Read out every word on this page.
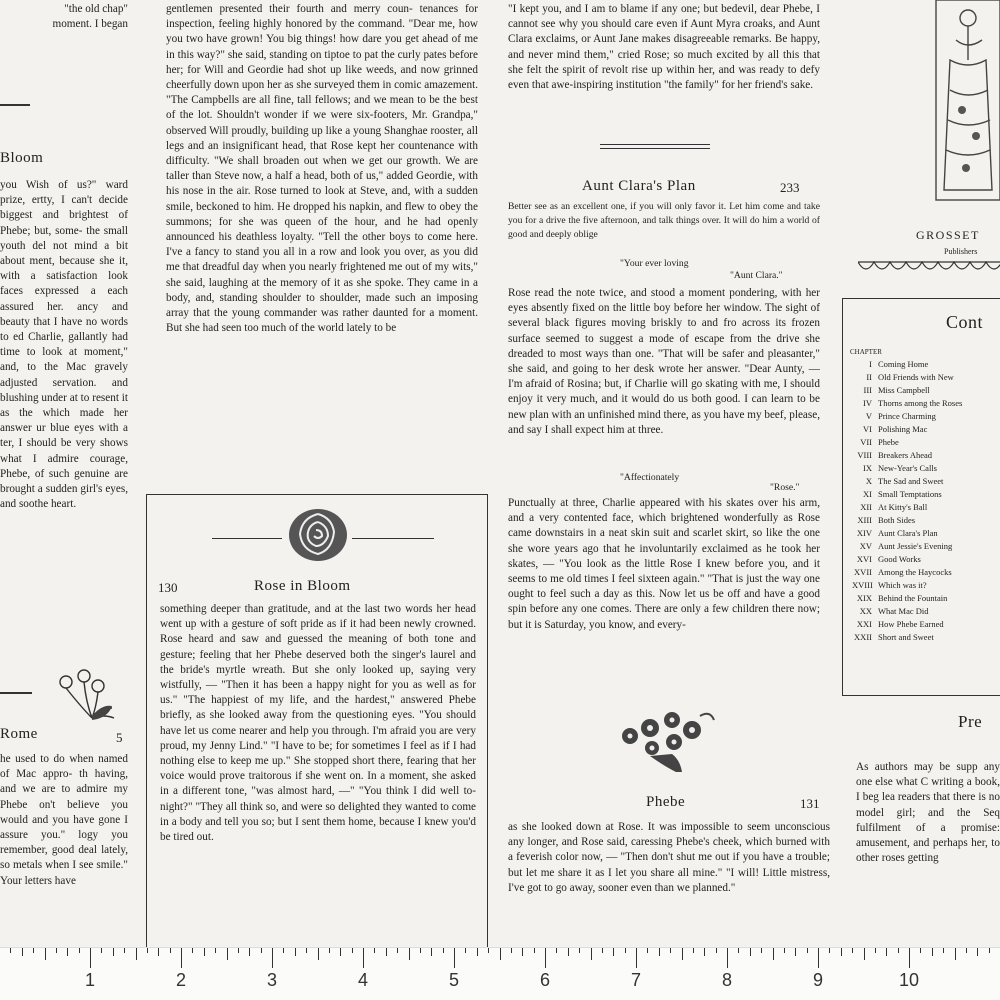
"the old chap"
moment. I began
Bloom

you Wish of us?" ward prize, ertty, I can't decide biggest and brightest of Phebe; but, some- the small youth del not mind a bit about ment, because she it, with a satisfaction look faces expressed a each assured her. ancy and beauty that I have no words to ed Charlie, gallantly had time to look at moment," and, to the Mac gravely adjusted servation. and blushing under at to resent it as the which made her answer ur blue eyes with a ter, I should be very shows what I admire courage, Phebe, of such genuine are brought a sudden girl's eyes, and soothe heart.

Rome	5

he used to do when named of Mac appro- th having, and we are to admire my Phebe on't believe you would and you have gone I assure you." logy you remember, good deal lately, so metals when I see smile." Your letters have

gentlemen presented their fourth and merry coun- tenances for inspection, feeling highly honored by the command. "Dear me, how you two have grown! You big things! how dare you get ahead of me in this way?" she said, standing on tiptoe to pat the curly pates before her; for Will and Geordie had shot up like weeds, and now grinned cheerfully down upon her as she surveyed them in comic amazement. "The Campbells are all fine, tall fellows; and we mean to be the best of the lot. Shouldn't wonder if we were six-footers, Mr. Grandpa," observed Will proudly, building up like a young Shanghae rooster, all legs and an insignificant head, that Rose kept her countenance with difficulty. "We shall broaden out when we get our growth. We are taller than Steve now, a half a head, both of us," added Geordie, with his nose in the air. Rose turned to look at Steve, and, with a sudden smile, beckoned to him. He dropped his napkin, and flew to obey the summons; for she was queen of the hour, and he had openly announced his deathless loyalty. "Tell the other boys to come here. I've a fancy to stand you all in a row and look you over, as you did me that dreadful day when you nearly frightened me out of my wits," she said, laughing at the memory of it as she spoke. They came in a body, and, standing shoulder to shoulder, made such an imposing array that the young commander was rather daunted for a moment. But she had seen too much of the world lately to be

130	Rose in Bloom

something deeper than gratitude, and at the last two words her head went up with a gesture of soft pride as if it had been newly crowned. Rose heard and saw and guessed the meaning of both tone and gesture; feeling that her Phebe deserved both the singer's laurel and the bride's myrtle wreath. But she only looked up, saying very wistfully, — "Then it has been a happy night for you as well as for us." "The happiest of my life, and the hardest," answered Phebe briefly, as she looked away from the questioning eyes. "You should have let us come nearer and help you through. I'm afraid you are very proud, my Jenny Lind." "I have to be; for sometimes I feel as if I had nothing else to keep me up." She stopped short there, fearing that her voice would prove traitorous if she went on. In a moment, she asked in a different tone, "was almost hard, —" "You think I did well to-night?" "They all think so, and were so delighted they wanted to come in a body and tell you so; but I sent them home, because I knew you'd be tired out.

"I kept you, and I am to blame if any one; but bedevil, dear Phebe, I cannot see why you should care even if Aunt Myra croaks, and Aunt Clara exclaims, or Aunt Jane makes disagreeable remarks. Be happy, and never mind them," cried Rose; so much excited by all this that she felt the spirit of revolt rise up within her, and was ready to defy even that awe-inspiring institution "the family" for her friend's sake.

Aunt Clara's Plan	233

Better see as an excellent one, if you will only favor it. Let him come and take you for a drive the five afternoon, and talk things over. It will do him a world of good and deeply oblige

"Your ever loving
"Aunt Clara."

Rose read the note twice, and stood a moment pondering, with her eyes absently fixed on the little boy before her window. The sight of several black figures moving briskly to and fro across its frozen surface seemed to suggest a mode of escape from the drive she dreaded to most ways than one. "That will be safer and pleasanter," she said, and going to her desk wrote her answer. "Dear Aunty, — I'm afraid of Rosina; but, if Charlie will go skating with me, I should enjoy it very much, and it would do us both good. I can learn to be new plan with an unfinished mind there, as you have my beef, please, and say I shall expect him at three.

"Affectionately
"Rose."

Punctually at three, Charlie appeared with his skates over his arm, and a very contented face, which brightened wonderfully as Rose came downstairs in a neat skin suit and scarlet skirt, so like the one she wore years ago that he involuntarily exclaimed as he took her skates, — "You look as the little Rose I knew before you, and it seems to me old times I feel sixteen again." "That is just the way one ought to feel such a day as this. Now let us be off and have a good spin before any one comes. There are only a few children there now; but it is Saturday, you know, and every-

Phebe	131

as she looked down at Rose. It was impossible to seem unconscious any longer, and Rose said, caressing Phebe's cheek, which burned with a feverish color now, — "Then don't shut me out if you have a trouble; but let me share it as I let you share all mine." "I will! Little mistress, I've got to go away, sooner even than we planned."

GROSSET
Publishers
Cont
CHAPTER
I Coming Home
II Old Friends with New
III Miss Campbell
IV Thorns among the Roses
V Prince Charming
VI Polishing Mac
VII Phebe
VIII Breakers Ahead
IX New-Year's Calls
X The Sad and Sweet
XI Small Temptations
XII At Kitty's Ball
XIII Both Sides
XIV Aunt Clara's Plan
XV Aunt Jessie's Evening
XVI Good Works
XVII Among the Haycocks
XVIII Which was it?
XIX Behind the Fountain
XX What Mac Did
XXI How Phebe Earned
XXII Short and Sweet
Pre

As authors may be supp any one else what C writing a book, I beg lea readers that there is no model girl; and the Seq fulfilment of a promise: amusement, and perhaps her, to other roses getting

1	2	3	4	5	6	7	8	9	10
